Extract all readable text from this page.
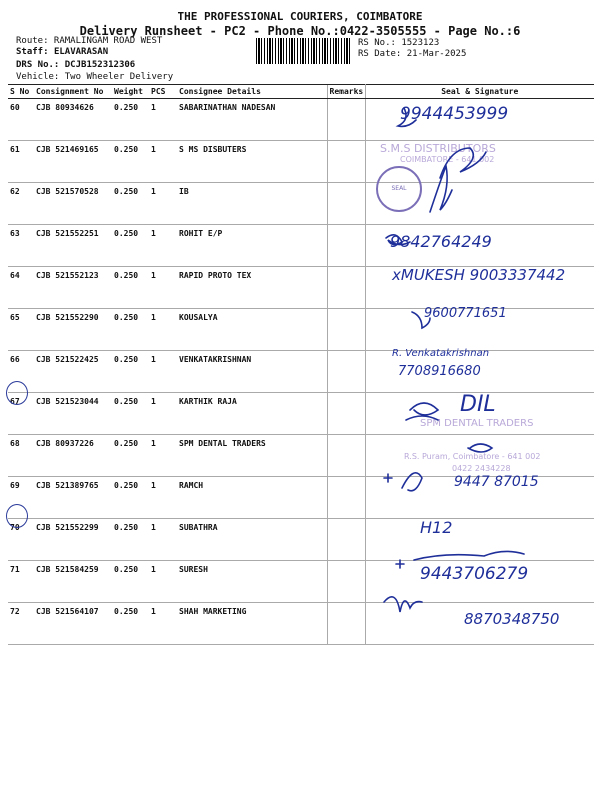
THE PROFESSIONAL COURIERS, COIMBATORE
Delivery Runsheet - PC2 - Phone No.:0422-3505555 - Page No.:6
Route: RAMALINGAM ROAD WEST
Staff: ELAVARASAN
DRS No.: DCJB152312306
Vehicle: Two Wheeler Delivery
RS No.: 1523123
RS Date: 21-Mar-2025
S No	Consignment No	Weight	PCS	Consignee Details	Remarks	Seal & Signature
60	CJB 80934626	0.250	1	SABARINATHAN NADESAN		
61	CJB 521469165	0.250	1	S MS DISBUTERS		
62	CJB 521570528	0.250	1	IB		
63	CJB 521552251	0.250	1	ROHIT E/P		
64	CJB 521552123	0.250	1	RAPID PROTO TEX		
65	CJB 521552290	0.250	1	KOUSALYA		
66	CJB 521522425	0.250	1	VENKATAKRISHNAN		
67	CJB 521523044	0.250	1	KARTHIK RAJA		
68	CJB 80937226	0.250	1	SPM DENTAL TRADERS		
69	CJB 521389765	0.250	1	RAMCH		
70	CJB 521552299	0.250	1	SUBATHRA		
71	CJB 521584259	0.250	1	SURESH		
72	CJB 521564107	0.250	1	SHAH MARKETING		
S.M.S DISTRIBUTORS
COIMBATORE - 641 002
SEAL
SPM DENTAL TRADERS
R.S. Puram, Coimbatore - 641 002
0422 2434228
9944453999
9842764249
xMUKESH 9003337442
9600771651
R. Venkatakrishnan
7708916680
DIL
9447 87015
H12
9443706279
8870348750
